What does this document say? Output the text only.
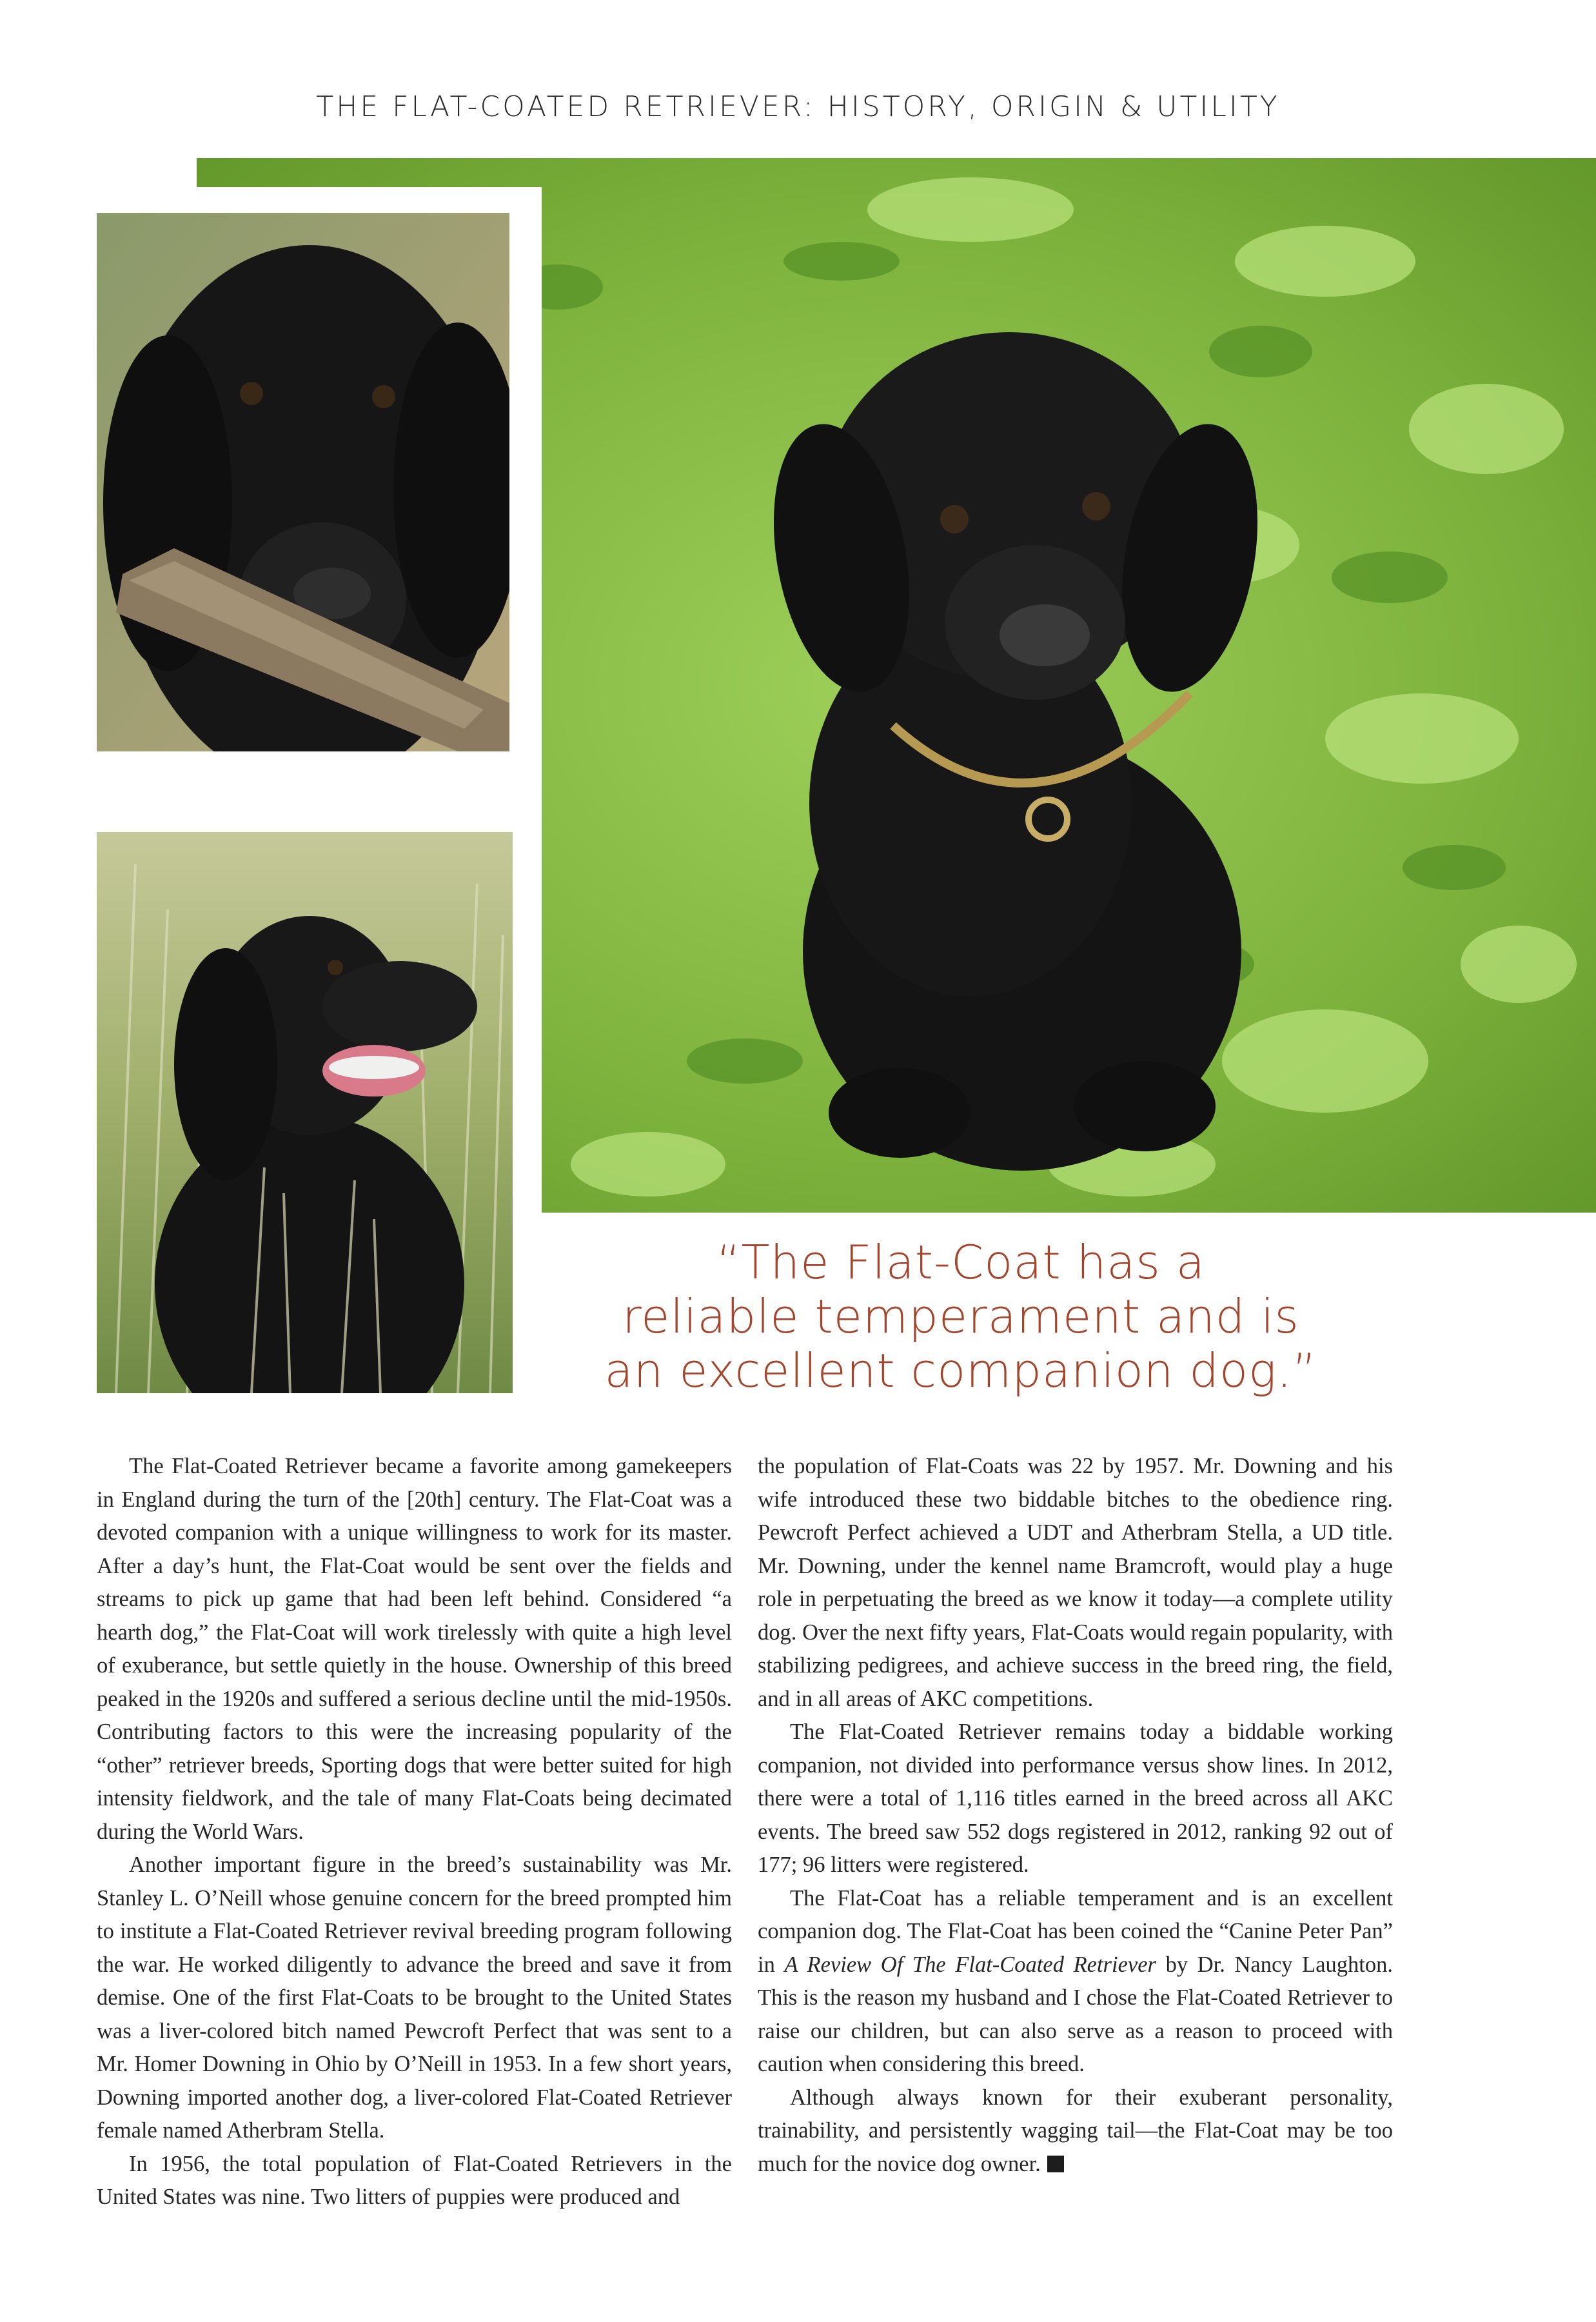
THE FLAT-COATED RETRIEVER: HISTORY, ORIGIN & UTILITY
“The Flat-Coat has a
reliable temperament and is
an excellent companion dog.”

The Flat-Coated Retriever became a favorite among gamekeepers in England during the turn of the [20th] century. The Flat-Coat was a devoted companion with a unique willingness to work for its master. After a day’s hunt, the Flat-Coat would be sent over the fields and streams to pick up game that had been left behind. Considered “a hearth dog,” the Flat-Coat will work tirelessly with quite a high level of exuberance, but settle quietly in the house. Ownership of this breed peaked in the 1920s and suffered a serious decline until the mid-1950s. Contributing factors to this were the increasing popularity of the “other” retriever breeds, Sporting dogs that were better suited for high intensity fieldwork, and the tale of many Flat-Coats being decimated during the World Wars.

Another important figure in the breed’s sustainability was Mr. Stanley L. O’Neill whose genuine concern for the breed prompted him to institute a Flat-Coated Retriever revival breeding program following the war. He worked diligently to advance the breed and save it from demise. One of the first Flat-Coats to be brought to the United States was a liver-colored bitch named Pewcroft Perfect that was sent to a Mr. Homer Downing in Ohio by O’Neill in 1953. In a few short years, Downing imported another dog, a liver-colored Flat-Coated Retriever female named Atherbram Stella.

In 1956, the total population of Flat-Coated Retrievers in the United States was nine. Two litters of puppies were produced and

the population of Flat-Coats was 22 by 1957. Mr. Downing and his wife introduced these two biddable bitches to the obedience ring. Pewcroft Perfect achieved a UDT and Atherbram Stella, a UD title. Mr. Downing, under the kennel name Bramcroft, would play a huge role in perpetuating the breed as we know it today—a complete utility dog. Over the next fifty years, Flat-Coats would regain popularity, with stabilizing pedigrees, and achieve success in the breed ring, the field, and in all areas of AKC competitions.

The Flat-Coated Retriever remains today a biddable working companion, not divided into performance versus show lines. In 2012, there were a total of 1,116 titles earned in the breed across all AKC events. The breed saw 552 dogs registered in 2012, ranking 92 out of 177; 96 litters were registered.

The Flat-Coat has a reliable temperament and is an excellent companion dog. The Flat-Coat has been coined the “Canine Peter Pan” in A Review Of The Flat-Coated Retriever by Dr. Nancy Laughton. This is the reason my husband and I chose the Flat-Coated Retriever to raise our children, but can also serve as a reason to proceed with caution when considering this breed.

Although always known for their exuberant personality, trainability, and persistently wagging tail—the Flat-Coat may be too much for the novice dog owner.
